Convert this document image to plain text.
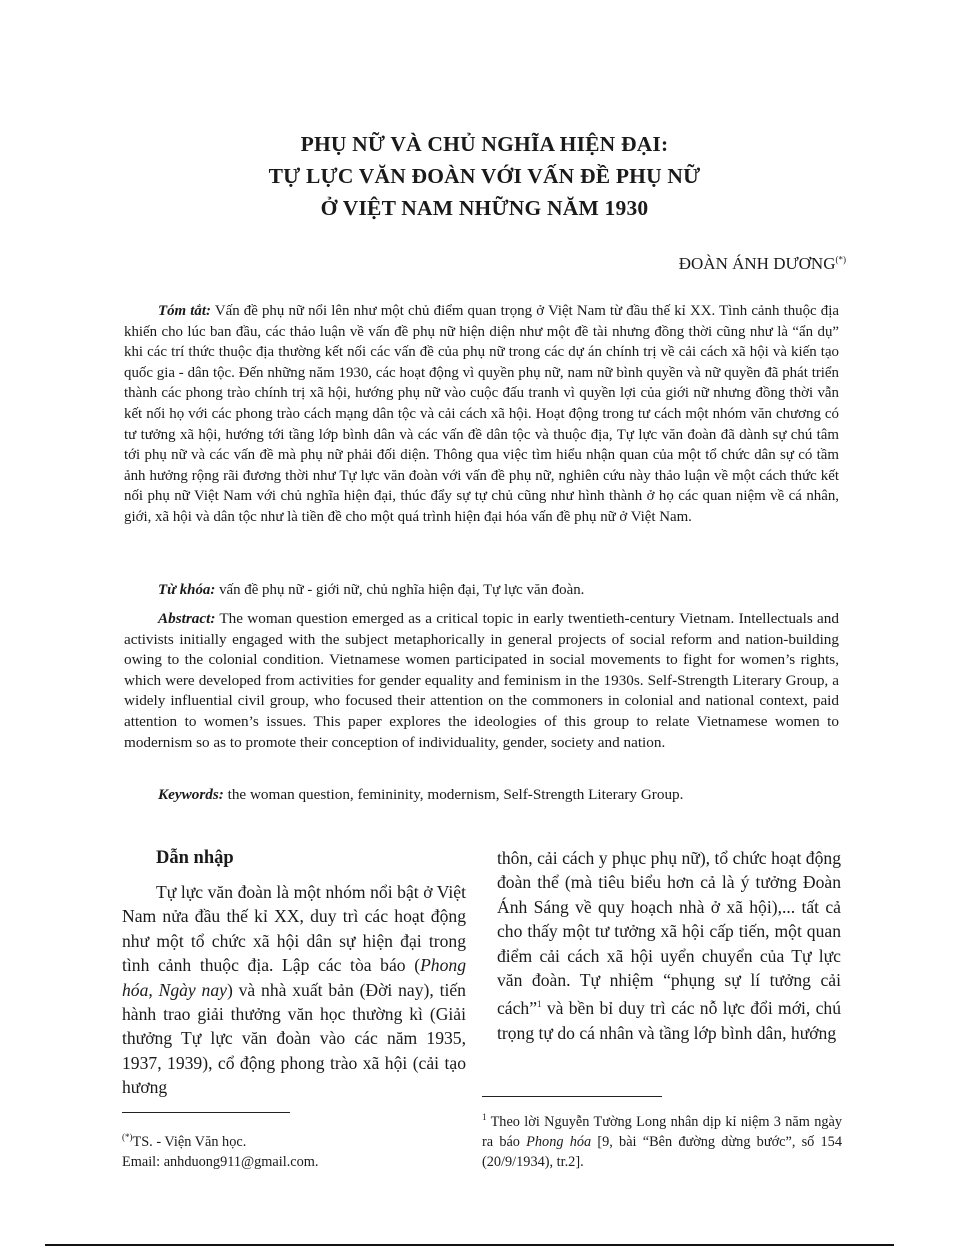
PHỤ NỮ VÀ CHỦ NGHĨA HIỆN ĐẠI:
TỰ LỰC VĂN ĐOÀN VỚI VẤN ĐỀ PHỤ NỮ
Ở VIỆT NAM NHỮNG NĂM 1930
ĐOÀN ÁNH DƯƠNG(*)
Tóm tắt: Vấn đề phụ nữ nổi lên như một chủ điểm quan trọng ở Việt Nam từ đầu thế kỉ XX. Tình cảnh thuộc địa khiến cho lúc ban đầu, các thảo luận về vấn đề phụ nữ hiện diện như một đề tài nhưng đồng thời cũng như là “ẩn dụ” khi các trí thức thuộc địa thường kết nối các vấn đề của phụ nữ trong các dự án chính trị về cải cách xã hội và kiến tạo quốc gia - dân tộc. Đến những năm 1930, các hoạt động vì quyền phụ nữ, nam nữ bình quyền và nữ quyền đã phát triển thành các phong trào chính trị xã hội, hướng phụ nữ vào cuộc đấu tranh vì quyền lợi của giới nữ nhưng đồng thời vẫn kết nối họ với các phong trào cách mạng dân tộc và cải cách xã hội. Hoạt động trong tư cách một nhóm văn chương có tư tưởng xã hội, hướng tới tầng lớp bình dân và các vấn đề dân tộc và thuộc địa, Tự lực văn đoàn đã dành sự chú tâm tới phụ nữ và các vấn đề mà phụ nữ phải đối diện. Thông qua việc tìm hiểu nhận quan của một tổ chức dân sự có tầm ảnh hưởng rộng rãi đương thời như Tự lực văn đoàn với vấn đề phụ nữ, nghiên cứu này thảo luận về một cách thức kết nối phụ nữ Việt Nam với chủ nghĩa hiện đại, thúc đẩy sự tự chủ cũng như hình thành ở họ các quan niệm về cá nhân, giới, xã hội và dân tộc như là tiền đề cho một quá trình hiện đại hóa vấn đề phụ nữ ở Việt Nam.
Từ khóa: vấn đề phụ nữ - giới nữ, chủ nghĩa hiện đại, Tự lực văn đoàn.
Abstract: The woman question emerged as a critical topic in early twentieth-century Vietnam. Intellectuals and activists initially engaged with the subject metaphorically in general projects of social reform and nation-building owing to the colonial condition. Vietnamese women participated in social movements to fight for women’s rights, which were developed from activities for gender equality and feminism in the 1930s. Self-Strength Literary Group, a widely influential civil group, who focused their attention on the commoners in colonial and national context, paid attention to women’s issues. This paper explores the ideologies of this group to relate Vietnamese women to modernism so as to promote their conception of individuality, gender, society and nation.
Keywords: the woman question, femininity, modernism, Self-Strength Literary Group.
Dẫn nhập

Tự lực văn đoàn là một nhóm nổi bật ở Việt Nam nửa đầu thế kỉ XX, duy trì các hoạt động như một tổ chức xã hội dân sự hiện đại trong tình cảnh thuộc địa. Lập các tòa báo (Phong hóa, Ngày nay) và nhà xuất bản (Đời nay), tiến hành trao giải thưởng văn học thường kì (Giải thưởng Tự lực văn đoàn vào các năm 1935, 1937, 1939), cổ động phong trào xã hội (cải tạo hương

thôn, cải cách y phục phụ nữ), tổ chức hoạt động đoàn thể (mà tiêu biểu hơn cả là ý tưởng Đoàn Ánh Sáng về quy hoạch nhà ở xã hội),... tất cả cho thấy một tư tưởng xã hội cấp tiến, một quan điểm cải cách xã hội uyển chuyển của Tự lực văn đoàn. Tự nhiệm “phụng sự lí tưởng cải cách”$^1$ và bền bỉ duy trì các nỗ lực đổi mới, chú trọng tự do cá nhân và tầng lớp bình dân, hướng

(*)TS. - Viện Văn học.
Email: anhduong911@gmail.com.
$^1$ Theo lời Nguyễn Tường Long nhân dịp kỉ niệm 3 năm ngày ra báo Phong hóa [9, bài “Bên đường dừng bước”, số 154 (20/9/1934), tr.2].
